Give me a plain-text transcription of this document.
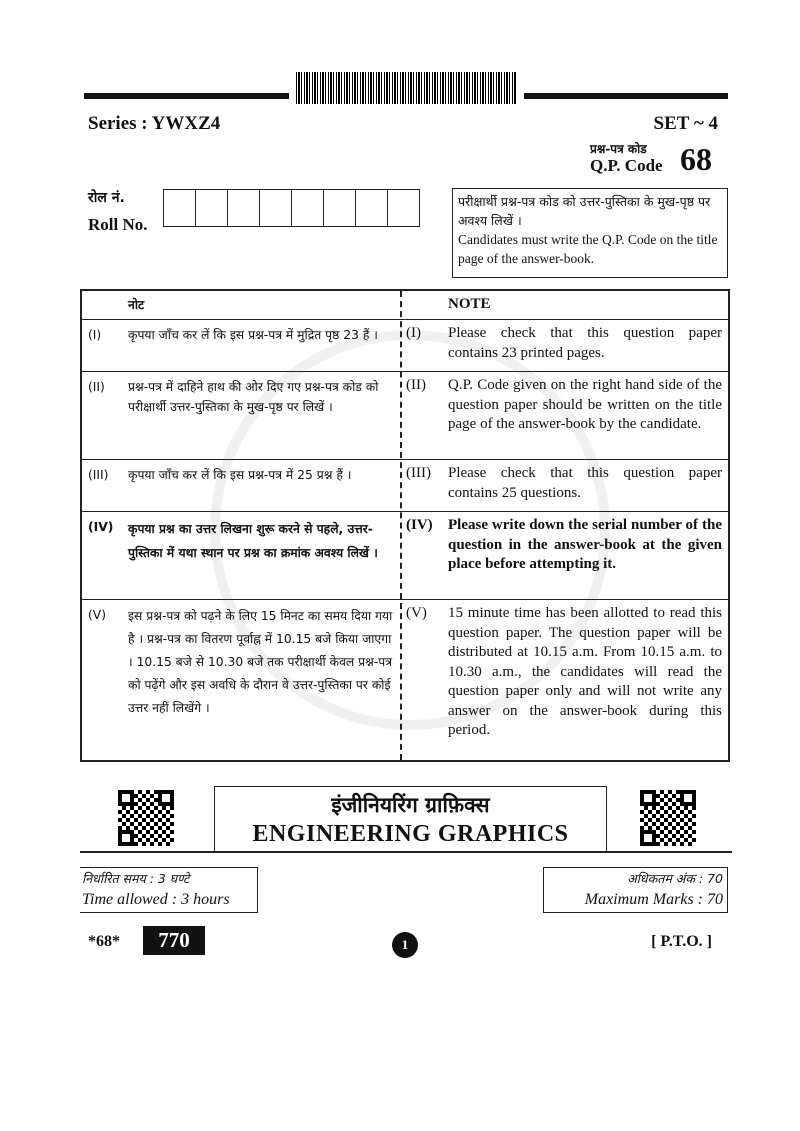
Series : YWXZ4	SET ~ 4
प्रश्न-पत्र कोड
Q.P. Code 68
रोल नं.
Roll No.
परीक्षार्थी प्रश्न-पत्र कोड को उत्तर-पुस्तिका के मुख-पृष्ठ पर अवश्य लिखें ।
Candidates must write the Q.P. Code on the title page of the answer-book.
नोट	NOTE
(I) कृपया जाँच कर लें कि इस प्रश्न-पत्र में मुद्रित पृष्ठ 23 हैं ।	(I) Please check that this question paper contains 23 printed pages.
(II) प्रश्न-पत्र में दाहिने हाथ की ओर दिए गए प्रश्न-पत्र कोड को परीक्षार्थी उत्तर-पुस्तिका के मुख-पृष्ठ पर लिखें ।
(II) Q.P. Code given on the right hand side of the question paper should be written on the title page of the answer-book by the candidate.
(III) कृपया जाँच कर लें कि इस प्रश्न-पत्र में 25 प्रश्न हैं ।	(III) Please check that this question paper contains 25 questions.
(IV) कृपया प्रश्न का उत्तर लिखना शुरू करने से पहले, उत्तर-पुस्तिका में यथा स्थान पर प्रश्न का क्रमांक अवश्य लिखें ।
(IV) Please write down the serial number of the question in the answer-book at the given place before attempting it.
(V) इस प्रश्न-पत्र को पढ़ने के लिए 15 मिनट का समय दिया गया है । प्रश्न-पत्र का वितरण पूर्वाह्न में 10.15 बजे किया जाएगा । 10.15 बजे से 10.30 बजे तक परीक्षार्थी केवल प्रश्न-पत्र को पढ़ेंगे और इस अवधि के दौरान वे उत्तर-पुस्तिका पर कोई उत्तर नहीं लिखेंगे ।
(V) 15 minute time has been allotted to read this question paper. The question paper will be distributed at 10.15 a.m. From 10.15 a.m. to 10.30 a.m., the candidates will read the question paper only and will not write any answer on the answer-book during this period.
इंजीनियरिंग ग्राफ़िक्स
ENGINEERING GRAPHICS
निर्धारित समय : 3 घण्टे
Time allowed : 3 hours
अधिकतम अंक : 70
Maximum Marks : 70
*68*	770	1	[ P.T.O. ]
